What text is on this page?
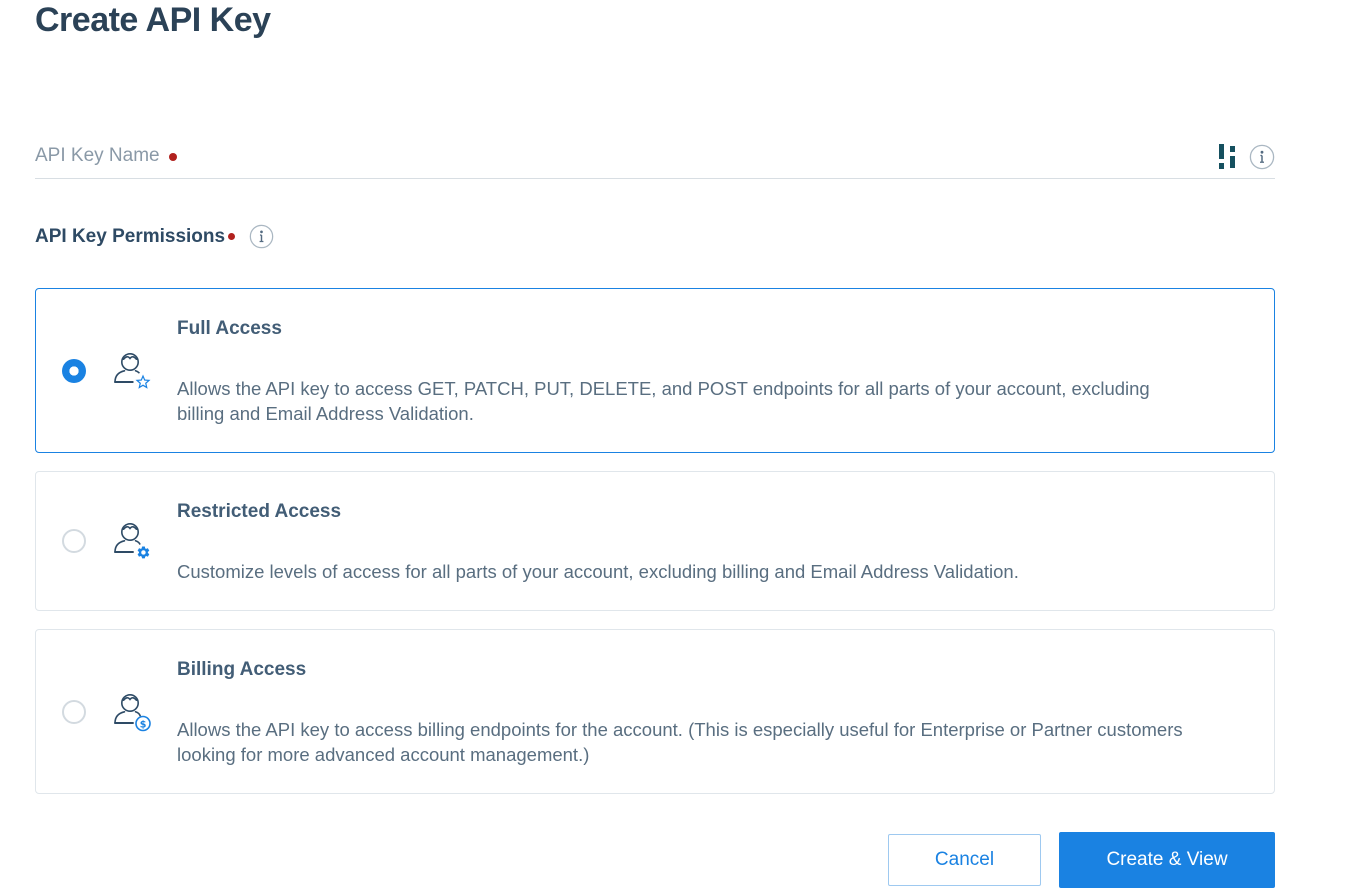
Create API Key
API Key Name
API Key Permissions
Full Access
Allows the API key to access GET, PATCH, PUT, DELETE, and POST endpoints for all parts of your account, excluding billing and Email Address Validation.
Restricted Access
Customize levels of access for all parts of your account, excluding billing and Email Address Validation.
$
Billing Access
Allows the API key to access billing endpoints for the account. (This is especially useful for Enterprise or Partner customers looking for more advanced account management.)
Cancel	Create & View
